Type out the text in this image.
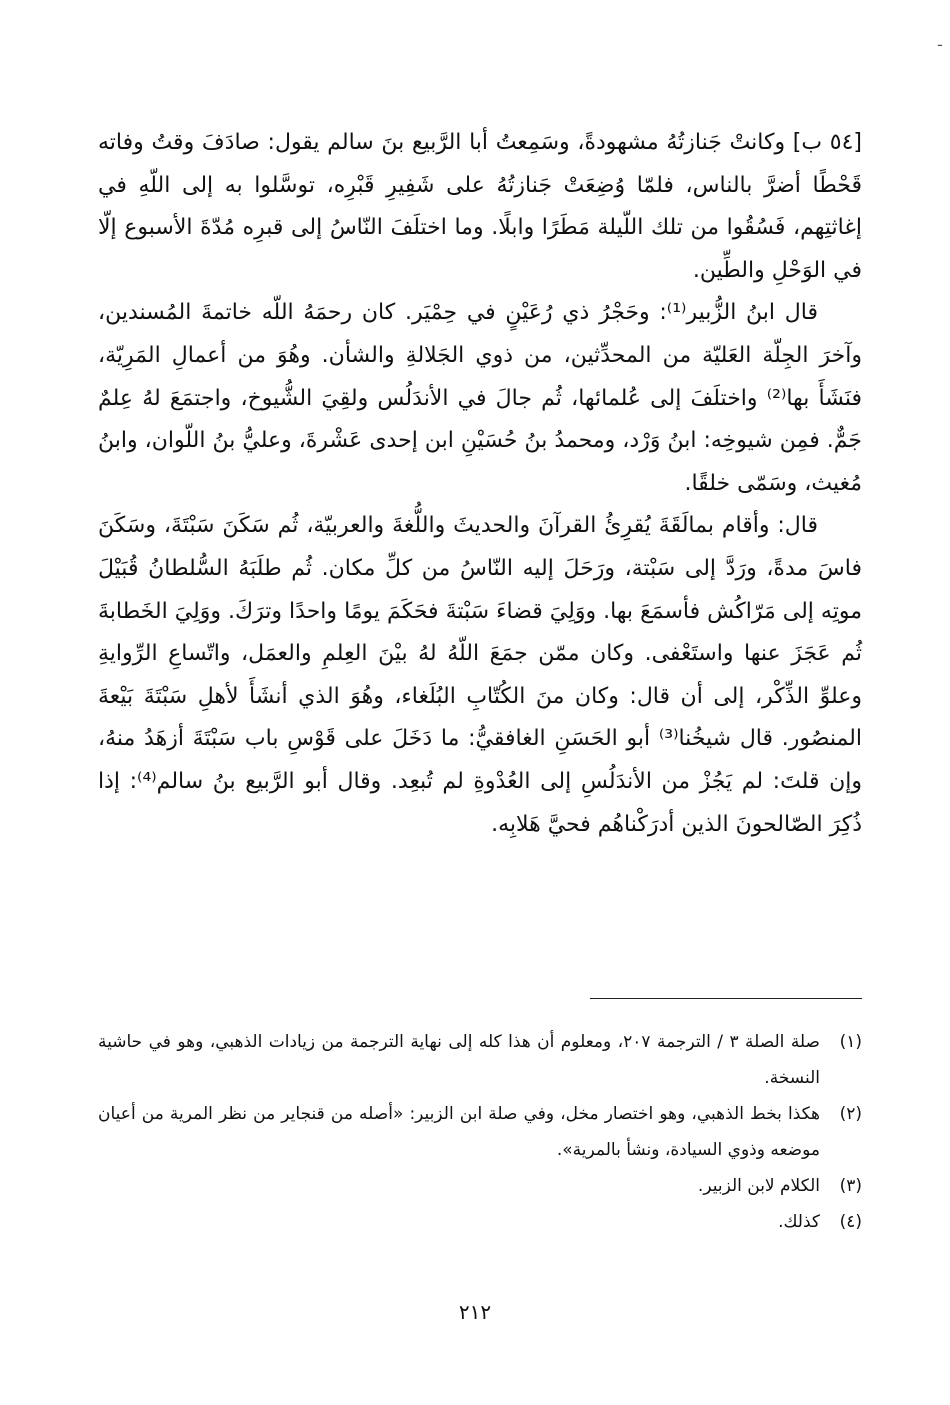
ـ

[٥٤ ب] وكانتْ جَنازتُهُ مشهودةً، وسَمِعتُ أبا الرَّبيع بنَ سالم يقول: صادَفَ وقتُ وفاته قَحْطًا أضرَّ بالناس، فلمّا وُضِعَتْ جَنازتُهُ على شَفِيرِ قَبْرِه، توسَّلوا به إلى اللّهِ في إغاثتِهم، فَسُقُوا من تلك اللّيلة مَطَرًا وابلًا. وما اختلَفَ النّاسُ إلى قبرِه مُدّةَ الأسبوع إلّا في الوَحْلِ والطِّين.

قال ابنُ الزُّبير⁽¹⁾: وحَجْرُ ذي رُعَيْنٍ في حِمْيَر. كان رحمَهُ اللّه خاتمةَ المُسندين، وآخرَ الجِلّة العَليّة من المحدِّثين، من ذوي الجَلالةِ والشأن. وهُوَ من أعمالِ المَرِيّة، فنَشَأَ بها⁽²⁾ واختلَفَ إلى عُلمائها، ثُم جالَ في الأندَلُس ولقِيَ الشُّيوخ، واجتمَعَ لهُ عِلمٌ جَمٌّ. فمِن شيوخِه: ابنُ وَرْد، ومحمدُ بنُ حُسَيْنِ ابن إحدى عَشْرةَ، وعليُّ بنُ اللّوان، وابنُ مُغيث، وسَمّى خلقًا.

قال: وأقام بمالَقَةَ يُقرِئُ القرآنَ والحديثَ واللُّغةَ والعربيّة، ثُم سَكَنَ سَبْتَةَ، وسَكَنَ فاسَ مدةً، ورَدَّ إلى سَبْتة، ورَحَلَ إليه النّاسُ من كلِّ مكان. ثُم طلَبَهُ السُّلطانُ قُبَيْلَ موتِه إلى مَرّاكُش فأسمَعَ بها. ووَلِيَ قضاءَ سَبْتةَ فحَكَمَ يومًا واحدًا وترَكَ. ووَلِيَ الخَطابةَ ثُم عَجَزَ عنها واستَعْفى. وكان ممّن جمَعَ اللّهُ لهُ بيْنَ العِلمِ والعمَل، واتّساعِ الرِّوايةِ وعلوِّ الذِّكْر، إلى أن قال: وكان منَ الكُتّابِ البُلَغاء، وهُوَ الذي أنشَأَ لأهلِ سَبْتَةَ بَيْعةَ المنصُور. قال شيخُنا⁽³⁾ أبو الحَسَنِ الغافقيُّ: ما دَخَلَ على قَوْسِ باب سَبْتَةَ أزهَدُ منهُ، وإن قلتَ: لم يَجُزْ من الأندَلُسِ إلى العُدْوةِ لم تُبعِد. وقال أبو الرَّبيع بنُ سالم⁽⁴⁾: إذا ذُكِرَ الصّالحونَ الذين أدرَكْناهُم فحيَّ هَلابِه.

(١)
صلة الصلة ٣ / الترجمة ٢٠٧، ومعلوم أن هذا كله إلى نهاية الترجمة من زيادات الذهبي، وهو في حاشية النسخة.
(٢)
هكذا بخط الذهبي، وهو اختصار مخل، وفي صلة ابن الزبير: «أصله من قنجاير من نظر المرية من أعيان موضعه وذوي السيادة، ونشأ بالمرية».
(٣)
الكلام لابن الزبير.
(٤)
كذلك.
٢١٢
